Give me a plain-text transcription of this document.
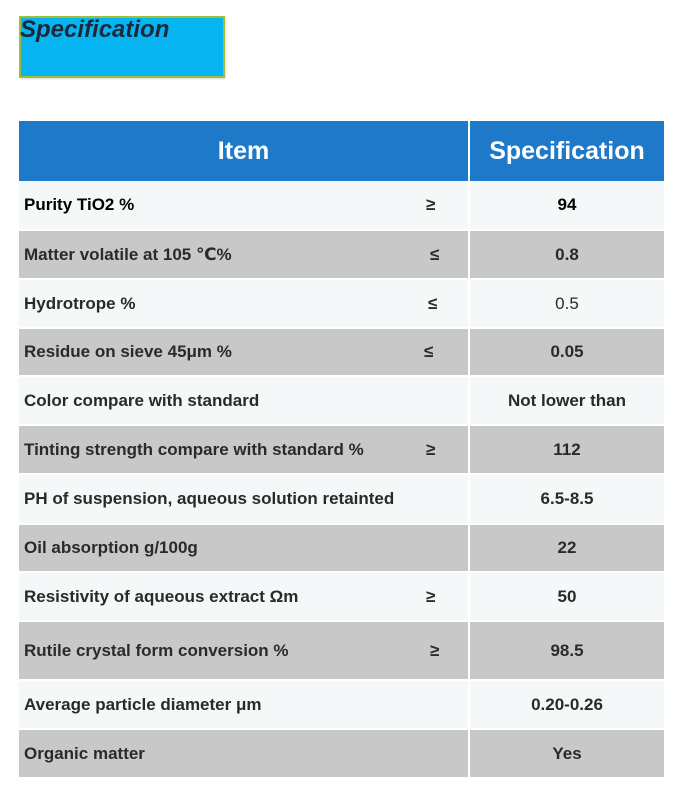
Specification
Item	Specification
Purity TiO2 %	≥	94
Matter volatile at 105 ℃%	≤	0.8
Hydrotrope %	≤	0.5
Residue on sieve 45μm %	≤	0.05
Color compare with standard	Not lower than
Tinting strength compare with standard %	≥	112
PH of suspension, aqueous solution retainted	6.5-8.5
Oil absorption g/100g	22
Resistivity of aqueous extract Ωm	≥	50
Rutile crystal form conversion %	≥	98.5
Average particle diameter μm	0.20-0.26
Organic matter	Yes
